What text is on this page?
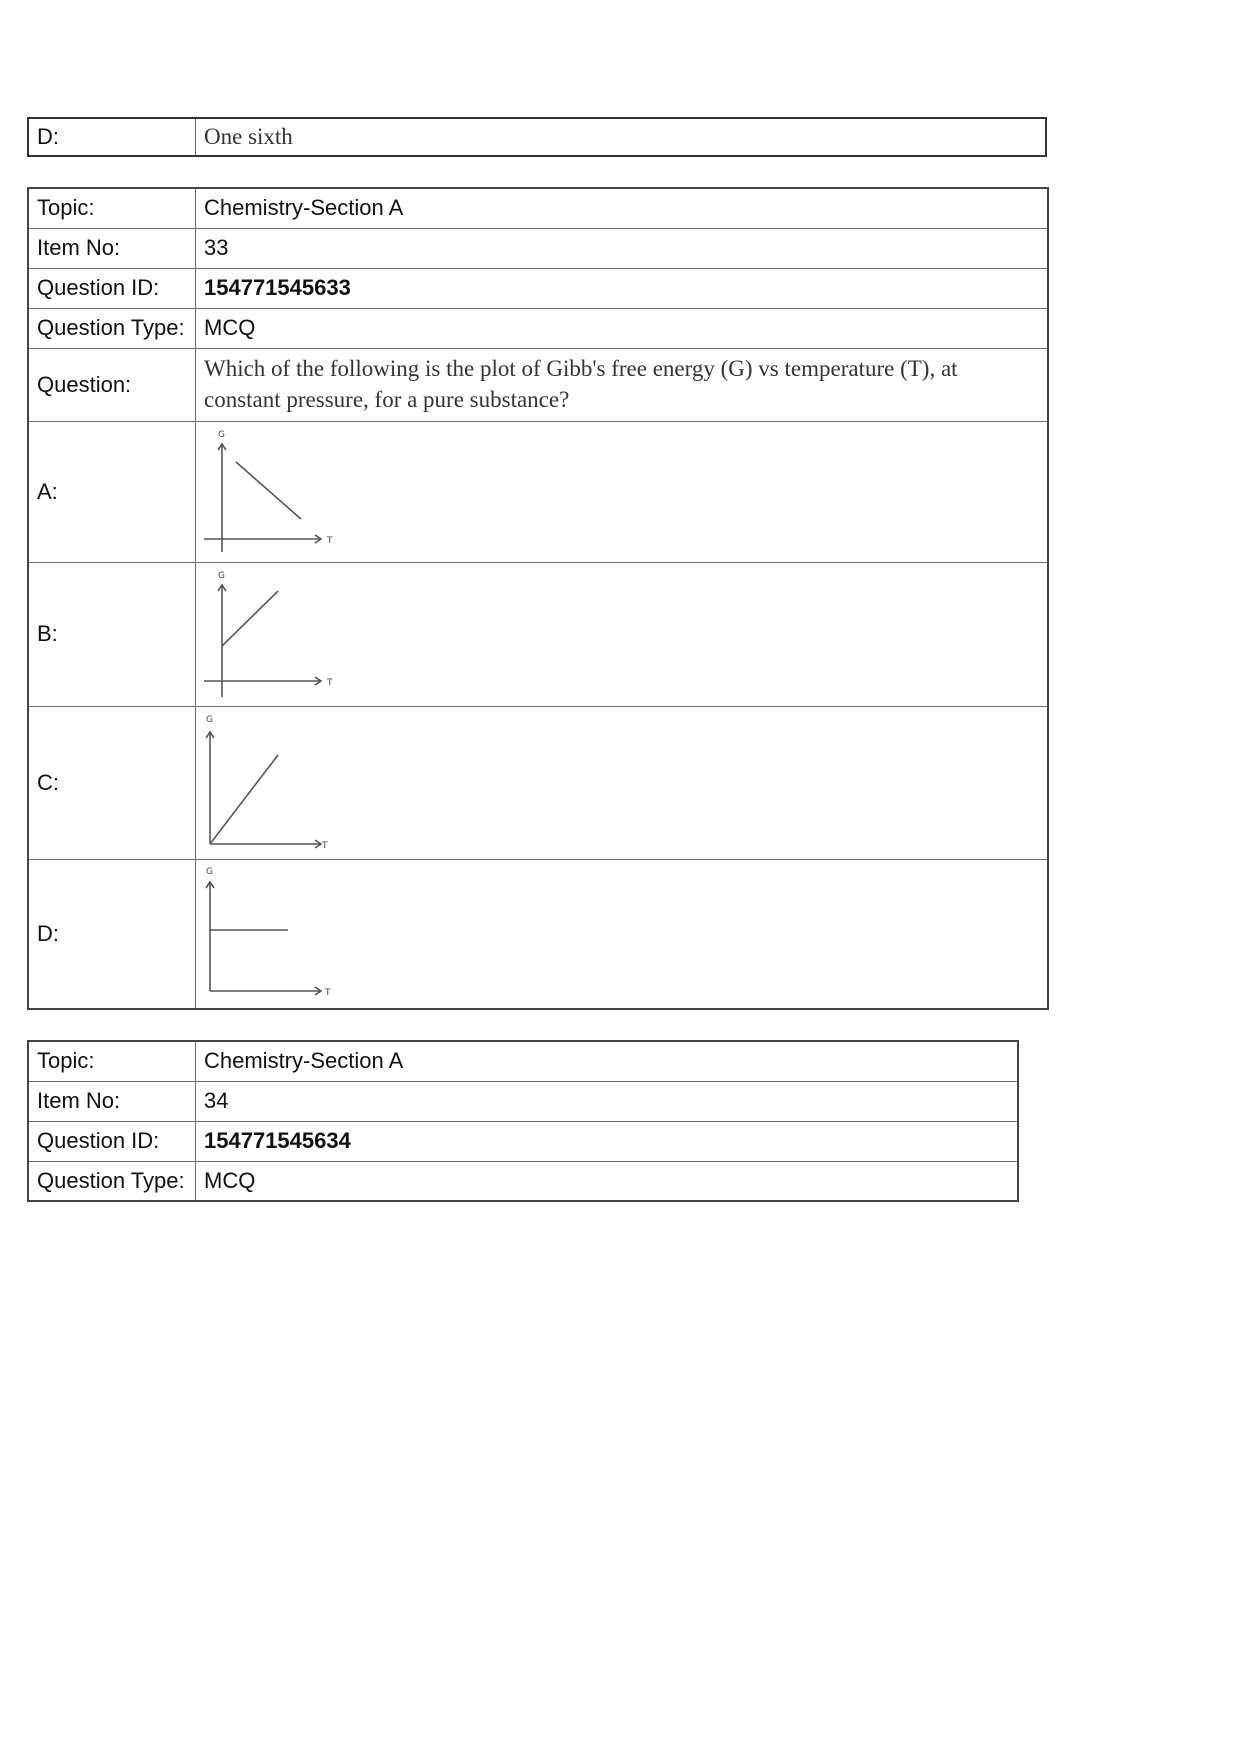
D:	One sixth
Topic:	Chemistry-Section A
Item No:	33
Question ID:	154771545633
Question Type:	MCQ
Question:	Which of the following is the plot of Gibb's free energy (G) vs temperature (T), at constant pressure, for a pure substance?
A:	G
T

B:	G
T

C:	G
T

D:	G
T
Topic:	Chemistry-Section A
Item No:	34
Question ID:	154771545634
Question Type:	MCQ
